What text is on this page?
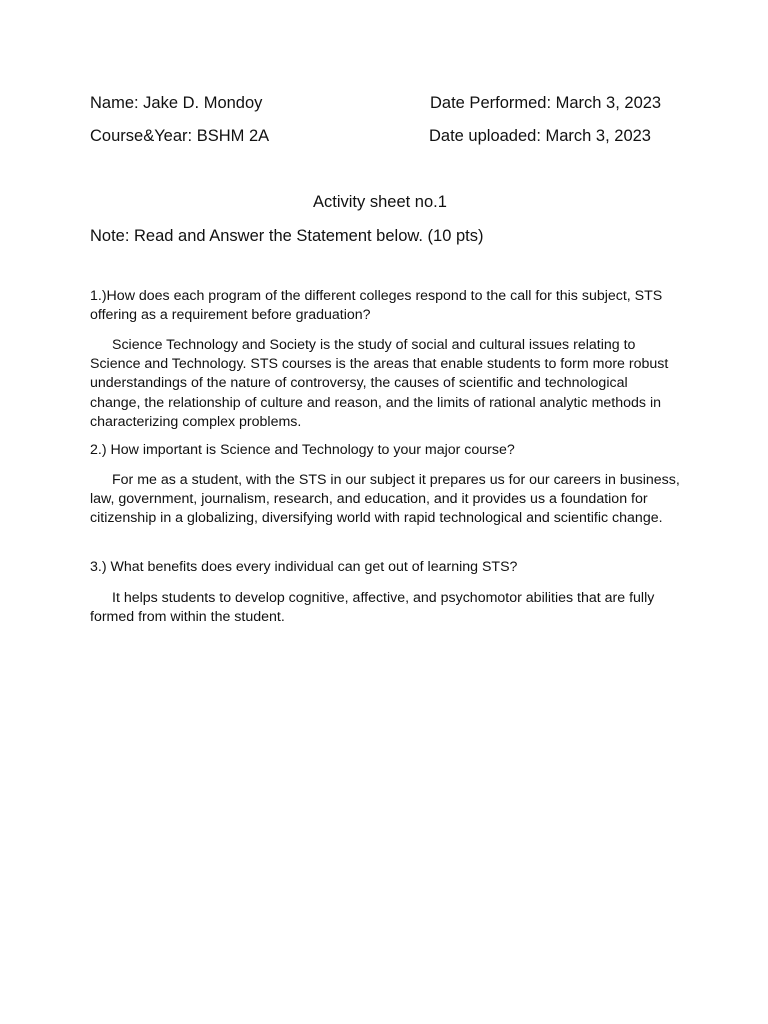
Name: Jake D. Mondoy	Date Performed: March 3, 2023
Course&Year: BSHM 2A	Date uploaded: March 3, 2023
Activity sheet no.1
Note: Read and Answer the Statement below. (10 pts)

1.)How does each program of the different colleges respond to the call for this subject, STS offering as a requirement before graduation?

Science Technology and Society is the study of social and cultural issues relating to Science and Technology. STS courses is the areas that enable students to form more robust understandings of the nature of controversy, the causes of scientific and technological change, the relationship of culture and reason, and the limits of rational analytic methods in characterizing complex problems.

2.) How important is Science and Technology to your major course?

For me as a student, with the STS in our subject it prepares us for our careers in business, law, government, journalism, research, and education, and it provides us a foundation for citizenship in a globalizing, diversifying world with rapid technological and scientific change.

3.) What benefits does every individual can get out of learning STS?

It helps students to develop cognitive, affective, and psychomotor abilities that are fully formed from within the student.
